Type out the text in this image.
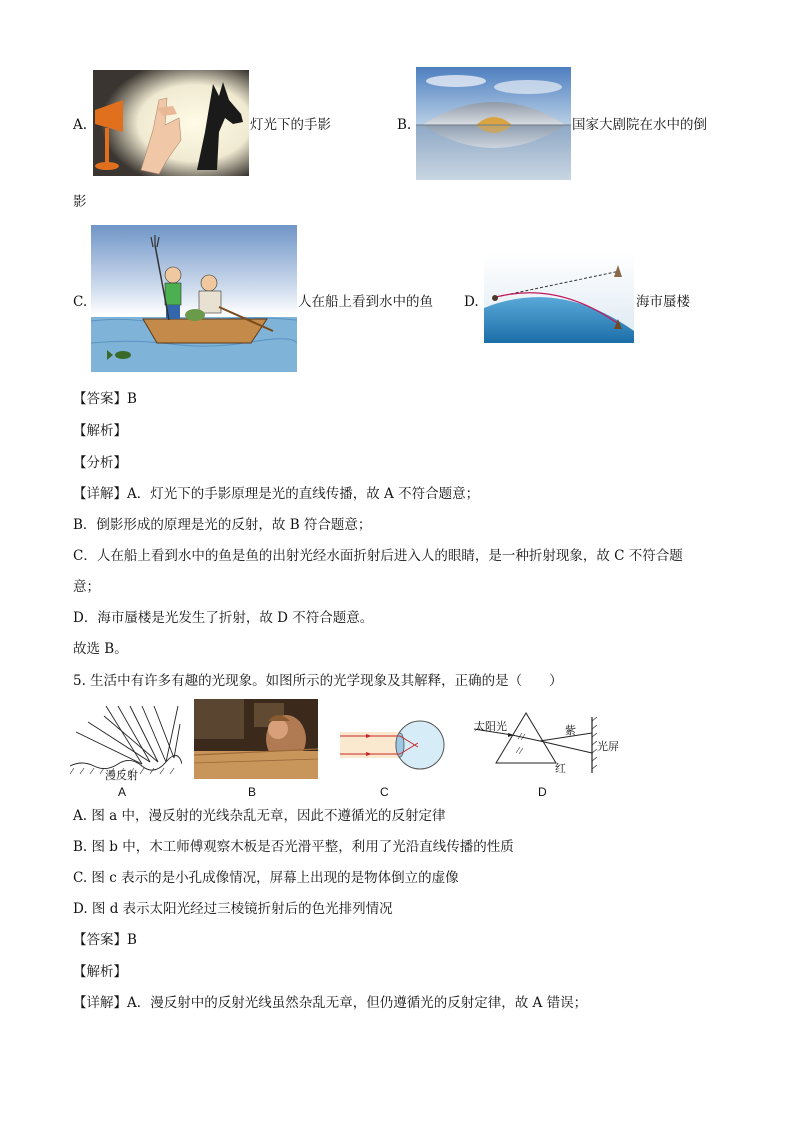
A.	灯光下的手影	B.	国家大剧院在水中的倒
影
C.	人在船上看到水中的鱼 D.	海市蜃楼
【答案】B
【解析】
【分析】
【详解】A．灯光下的手影原理是光的直线传播，故 A 不符合题意；
B．倒影形成的原理是光的反射，故 B 符合题意；
C．人在船上看到水中的鱼是鱼的出射光经水面折射后进入人的眼睛，是一种折射现象，故 C 不符合题
意；
D．海市蜃楼是光发生了折射，故 D 不符合题意。
故选 B。
5. 生活中有许多有趣的光现象。如图所示的光学现象及其解释，正确的是（　　）
漫反射
A	B	C
太阳光	紫
红
光屏
D
A. 图 a 中，漫反射的光线杂乱无章，因此不遵循光的反射定律
B. 图 b 中，木工师傅观察木板是否光滑平整，利用了光沿直线传播的性质
C. 图 c 表示的是小孔成像情况，屏幕上出现的是物体倒立的虚像
D. 图 d 表示太阳光经过三棱镜折射后的色光排列情况
【答案】B
【解析】
【详解】A．漫反射中的反射光线虽然杂乱无章，但仍遵循光的反射定律，故 A 错误；
